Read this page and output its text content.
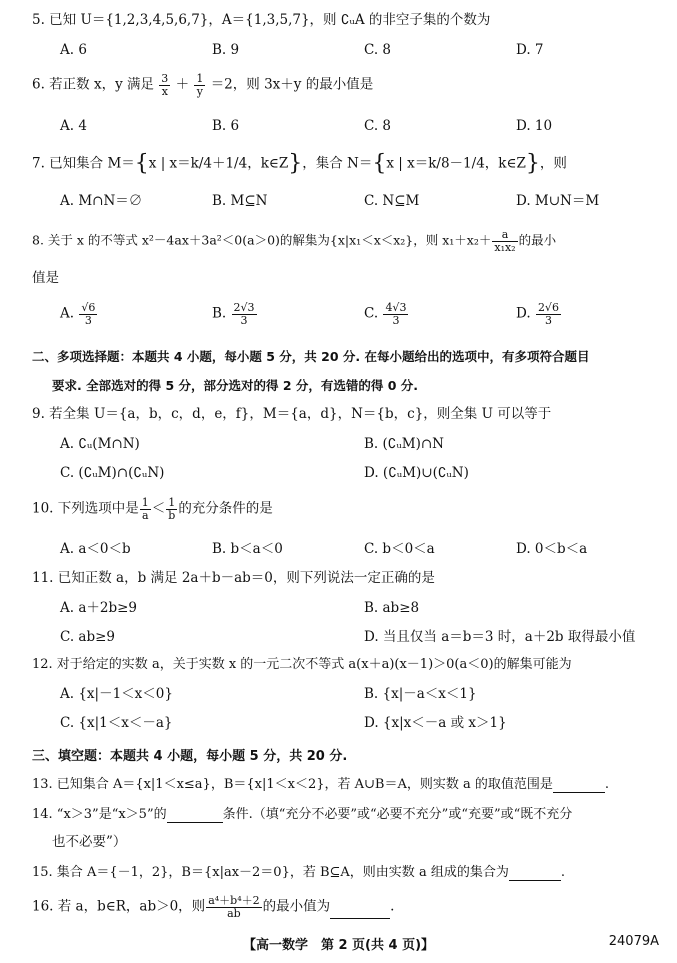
5. 已知 U＝{1,2,3,4,5,6,7}，A＝{1,3,5,7}，则 ∁ᵤA 的非空子集的个数为
A. 6	B. 9	C. 8	D. 7
6. 若正数 x，y 满足 $\frac{3}{x} + \frac{1}{y} =2$，则 3x＋y 的最小值是
A. 4	B. 6	C. 8	D. 10
7. 已知集合 M＝{x | x＝k/4＋1/4，k∈Z}，集合 N＝{x | x＝k/8－1/4，k∈Z}，则
A. M∩N＝∅	B. M⊆N	C. N⊆M	D. M∪N＝M
8. 关于 x 的不等式 x²－4ax＋3a²＜0(a＞0)的解集为{x|x₁＜x＜x₂}，则 $x_1+x_2+ \frac{a}{\text{x₁x₂}}$ 的最小
值是
A. $\frac{√6}{3}$	B. $\frac{2√3}{3}$	C. $\frac{4√3}{3}$	D. $\frac{2√6}{3}$
二、多项选择题：本题共 4 小题，每小题 5 分，共 20 分. 在每小题给出的选项中，有多项符合题目
要求. 全部选对的得 5 分，部分选对的得 2 分，有选错的得 0 分.
9. 若全集 U＝{a，b，c，d，e，f}，M＝{a，d}，N＝{b，c}，则全集 U 可以等于
A. ∁ᵤ(M∩N)	B. (∁ᵤM)∩N
C. (∁ᵤM)∩(∁ᵤN)	D. (∁ᵤM)∪(∁ᵤN)
10. 下列选项中是 $\frac{1}{a} < \frac{1}{b}$ 的充分条件的是
A. a＜0＜b	B. b＜a＜0	C. b＜0＜a	D. 0＜b＜a
11. 已知正数 a，b 满足 2a＋b－ab＝0，则下列说法一定正确的是
A. a＋2b≥9	B. ab≥8
C. ab≥9	D. 当且仅当 a＝b＝3 时，a＋2b 取得最小值
12. 对于给定的实数 a，关于实数 x 的一元二次不等式 a(x＋a)(x－1)＞0(a＜0)的解集可能为
A. {x|－1＜x＜0}	B. {x|－a＜x＜1}
C. {x|1＜x＜－a}	D. {x|x＜－a 或 x＞1}
三、填空题：本题共 4 小题，每小题 5 分，共 20 分.
13. 已知集合 A＝{x|1＜x≤a}，B＝{x|1＜x＜2}，若 A∪B＝A，则实数 a 的取值范围是	.
14. “x＞3”是“x＞5”的	条件.（填“充分不必要”或“必要不充分”或“充要”或“既不充分
也不必要”）
15. 集合 A＝{－1，2}，B＝{x|ax－2＝0}，若 B⊆A，则由实数 a 组成的集合为	.
16. 若 a，b∈R，ab＞0，则 $\frac{\text{a⁴＋b⁴＋2}}{ab}$ 的最小值为	.
【高一数学　第 2 页(共 4 页)】	24079A
